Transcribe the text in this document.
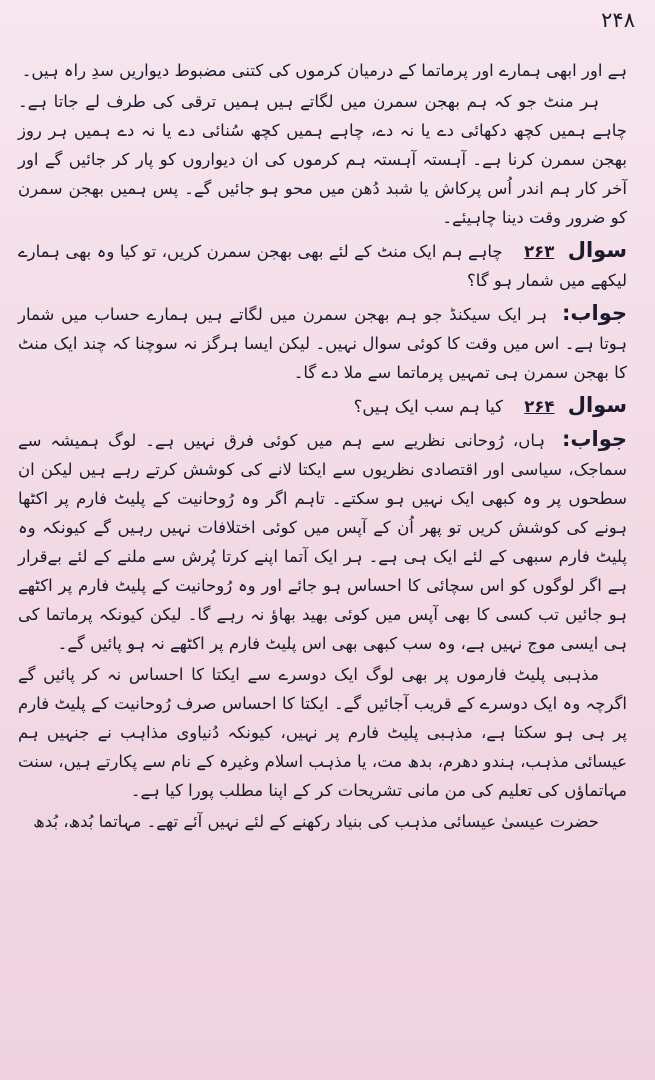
۲۴۸

ہے اور ابھی ہمارے اور پرماتما کے درمیان کرموں کی کتنی مضبوط دیواریں سدِ راہ ہیں۔

ہر منٹ جو کہ ہم بھجن سمرن میں لگاتے ہیں ہمیں ترقی کی طرف لے جاتا ہے۔ چاہے ہمیں کچھ دکھائی دے یا نہ دے، چاہے ہمیں کچھ سُنائی دے یا نہ دے ہمیں ہر روز بھجن سمرن کرنا ہے۔ آہستہ آہستہ ہم کرموں کی ان دیواروں کو پار کر جائیں گے اور آخر کار ہم اندر اُس پرکاش یا شبد دُھن میں محو ہو جائیں گے۔ پس ہمیں بھجن سمرن کو ضرور وقت دینا چاہیئے۔

سوال ۲۶۳ چاہے ہم ایک منٹ کے لئے بھی بھجن سمرن کریں، تو کیا وہ بھی ہمارے لیکھے میں شمار ہو گا؟

جواب: ہر ایک سیکنڈ جو ہم بھجن سمرن میں لگاتے ہیں ہمارے حساب میں شمار ہوتا ہے۔ اس میں وقت کا کوئی سوال نہیں۔ لیکن ایسا ہرگز نہ سوچنا کہ چند ایک منٹ کا بھجن سمرن ہی تمہیں پرماتما سے ملا دے گا۔

سوال ۲۶۴ کیا ہم سب ایک ہیں؟

جواب: ہاں، رُوحانی نظریے سے ہم میں کوئی فرق نہیں ہے۔ لوگ ہمیشہ سے سماجک، سیاسی اور اقتصادی نظریوں سے ایکتا لانے کی کوشش کرتے رہے ہیں لیکن ان سطحوں پر وہ کبھی ایک نہیں ہو سکتے۔ تاہم اگر وہ رُوحانیت کے پلیٹ فارم پر اکٹھا ہونے کی کوشش کریں تو پھر اُن کے آپس میں کوئی اختلافات نہیں رہیں گے کیونکہ وہ پلیٹ فارم سبھی کے لئے ایک ہی ہے۔ ہر ایک آتما اپنے کرتا پُرش سے ملنے کے لئے بےقرار ہے اگر لوگوں کو اس سچائی کا احساس ہو جائے اور وہ رُوحانیت کے پلیٹ فارم پر اکٹھے ہو جائیں تب کسی کا بھی آپس میں کوئی بھید بھاؤ نہ رہے گا۔ لیکن کیونکہ پرماتما کی ہی ایسی موج نہیں ہے، وہ سب کبھی بھی اس پلیٹ فارم پر اکٹھے نہ ہو پائیں گے۔

مذہبی پلیٹ فارموں پر بھی لوگ ایک دوسرے سے ایکتا کا احساس نہ کر پائیں گے اگرچہ وہ ایک دوسرے کے قریب آجائیں گے۔ ایکتا کا احساس صرف رُوحانیت کے پلیٹ فارم پر ہی ہو سکتا ہے، مذہبی پلیٹ فارم پر نہیں، کیونکہ دُنیاوی مذاہب نے جنہیں ہم عیسائی مذہب، ہندو دھرم، بدھ مت، یا مذہب اسلام وغیرہ کے نام سے پکارتے ہیں، سنت مہاتماؤں کی تعلیم کی من مانی تشریحات کر کے اپنا مطلب پورا کیا ہے۔

حضرت عیسیٰ عیسائی مذہب کی بنیاد رکھنے کے لئے نہیں آئے تھے۔ مہاتما بُدھ، بُدھ
